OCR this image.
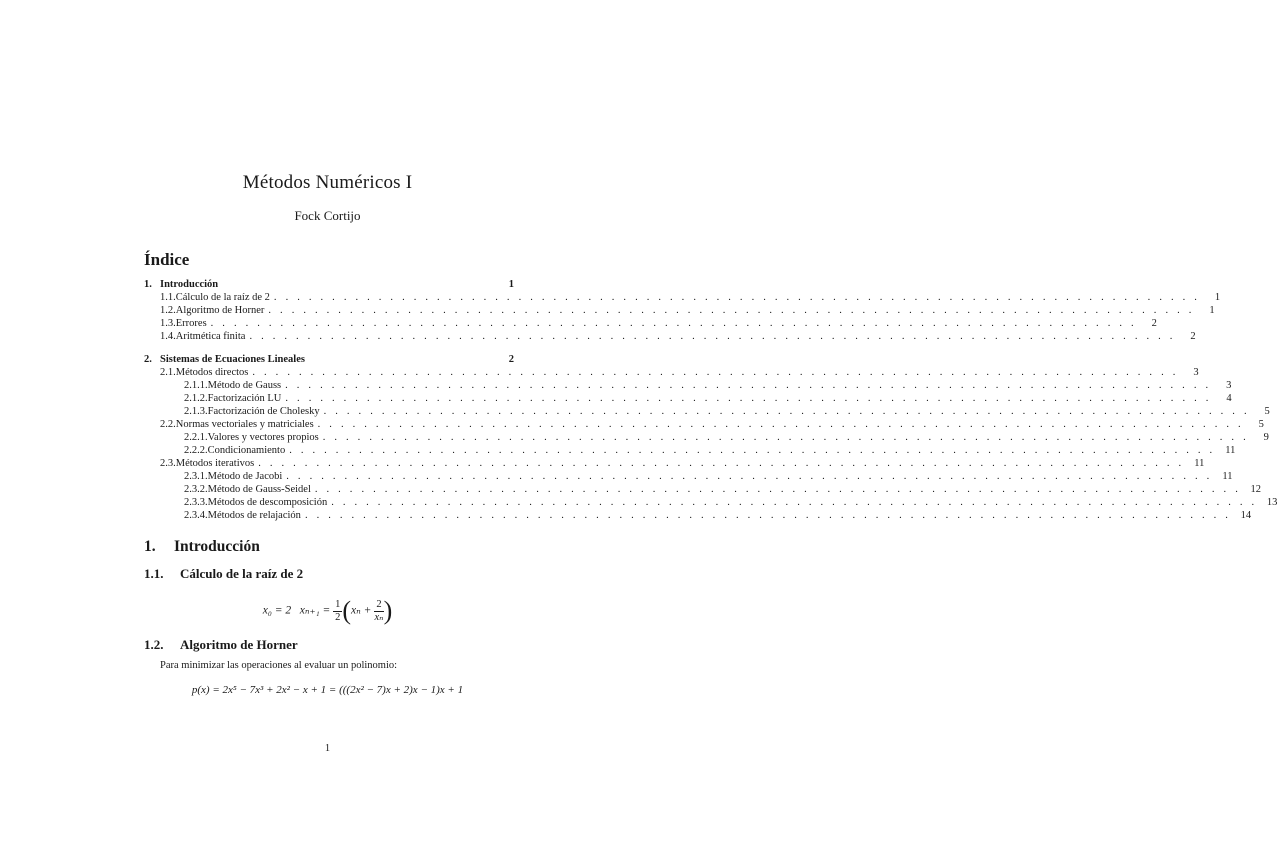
Métodos Numéricos I
Fock Cortijo
Índice
1. Introducción	1
1.1. Cálculo de la raíz de 2 . . . . . . . . . . . . . . . . . . . . . . . . . . . . . . . . . . . . . . . . . . . . . . . . . . . . . . . . . . . . . . . . . . . . . . . . . . . . . . . .	1
1.2. Algoritmo de Horner . . . . . . . . . . . . . . . . . . . . . . . . . . . . . . . . . . . . . . . . . . . . . . . . . . . . . . . . . . . . . . . . . . . . . . . . . . . . . . . .	1
1.3. Errores . . . . . . . . . . . . . . . . . . . . . . . . . . . . . . . . . . . . . . . . . . . . . . . . . . . . . . . . . . . . . . . . . . . . . . . . . . . . . . . .	2
1.4. Aritmética finita . . . . . . . . . . . . . . . . . . . . . . . . . . . . . . . . . . . . . . . . . . . . . . . . . . . . . . . . . . . . . . . . . . . . . . . . . . . . . . . .	2
2. Sistemas de Ecuaciones Lineales	2
2.1. Métodos directos . . . . . . . . . . . . . . . . . . . . . . . . . . . . . . . . . . . . . . . . . . . . . . . . . . . . . . . . . . . . . . . . . . . . . . . . . . . . . . . .	3
2.1.1. Método de Gauss . . . . . . . . . . . . . . . . . . . . . . . . . . . . . . . . . . . . . . . . . . . . . . . . . . . . . . . . . . . . . . . . . . . . . . . . . . . . . . . .	3
2.1.2. Factorización LU . . . . . . . . . . . . . . . . . . . . . . . . . . . . . . . . . . . . . . . . . . . . . . . . . . . . . . . . . . . . . . . . . . . . . . . . . . . . . . . .	4
2.1.3. Factorización de Cholesky . . . . . . . . . . . . . . . . . . . . . . . . . . . . . . . . . . . . . . . . . . . . . . . . . . . . . . . . . . . . . . . . . . . . . . . . . . . . . . . .	5
2.2. Normas vectoriales y matriciales . . . . . . . . . . . . . . . . . . . . . . . . . . . . . . . . . . . . . . . . . . . . . . . . . . . . . . . . . . . . . . . . . . . . . . . . . . . . . . . .	5
2.2.1. Valores y vectores propios . . . . . . . . . . . . . . . . . . . . . . . . . . . . . . . . . . . . . . . . . . . . . . . . . . . . . . . . . . . . . . . . . . . . . . . . . . . . . . . .	9
2.2.2. Condicionamiento . . . . . . . . . . . . . . . . . . . . . . . . . . . . . . . . . . . . . . . . . . . . . . . . . . . . . . . . . . . . . . . . . . . . . . . . . . . . . . . . 11
2.3. Métodos iterativos . . . . . . . . . . . . . . . . . . . . . . . . . . . . . . . . . . . . . . . . . . . . . . . . . . . . . . . . . . . . . . . . . . . . . . . . . . . . . . . . 11
2.3.1. Método de Jacobi . . . . . . . . . . . . . . . . . . . . . . . . . . . . . . . . . . . . . . . . . . . . . . . . . . . . . . . . . . . . . . . . . . . . . . . . . . . . . . . . 11
2.3.2. Método de Gauss-Seidel . . . . . . . . . . . . . . . . . . . . . . . . . . . . . . . . . . . . . . . . . . . . . . . . . . . . . . . . . . . . . . . . . . . . . . . . . . . . . . . . 12
2.3.3. Métodos de descomposición . . . . . . . . . . . . . . . . . . . . . . . . . . . . . . . . . . . . . . . . . . . . . . . . . . . . . . . . . . . . . . . . . . . . . . . . . . . . . . . . 13
2.3.4. Métodos de relajación . . . . . . . . . . . . . . . . . . . . . . . . . . . . . . . . . . . . . . . . . . . . . . . . . . . . . . . . . . . . . . . . . . . . . . . . . . . . . . . . 14
1. Introducción
1.1. Cálculo de la raíz de 2
x₀ = 2 $x_{n+1} = \frac{1}{2} (x_n + \frac{2}{\text{xₙ}}$ )
1.2. Algoritmo de Horner
Para minimizar las operaciones al evaluar un polinomio:
p(x) = 2x⁵ − 7x³ + 2x² − x + 1 = (((2x² − 7)x + 2)x − 1)x + 1
1
